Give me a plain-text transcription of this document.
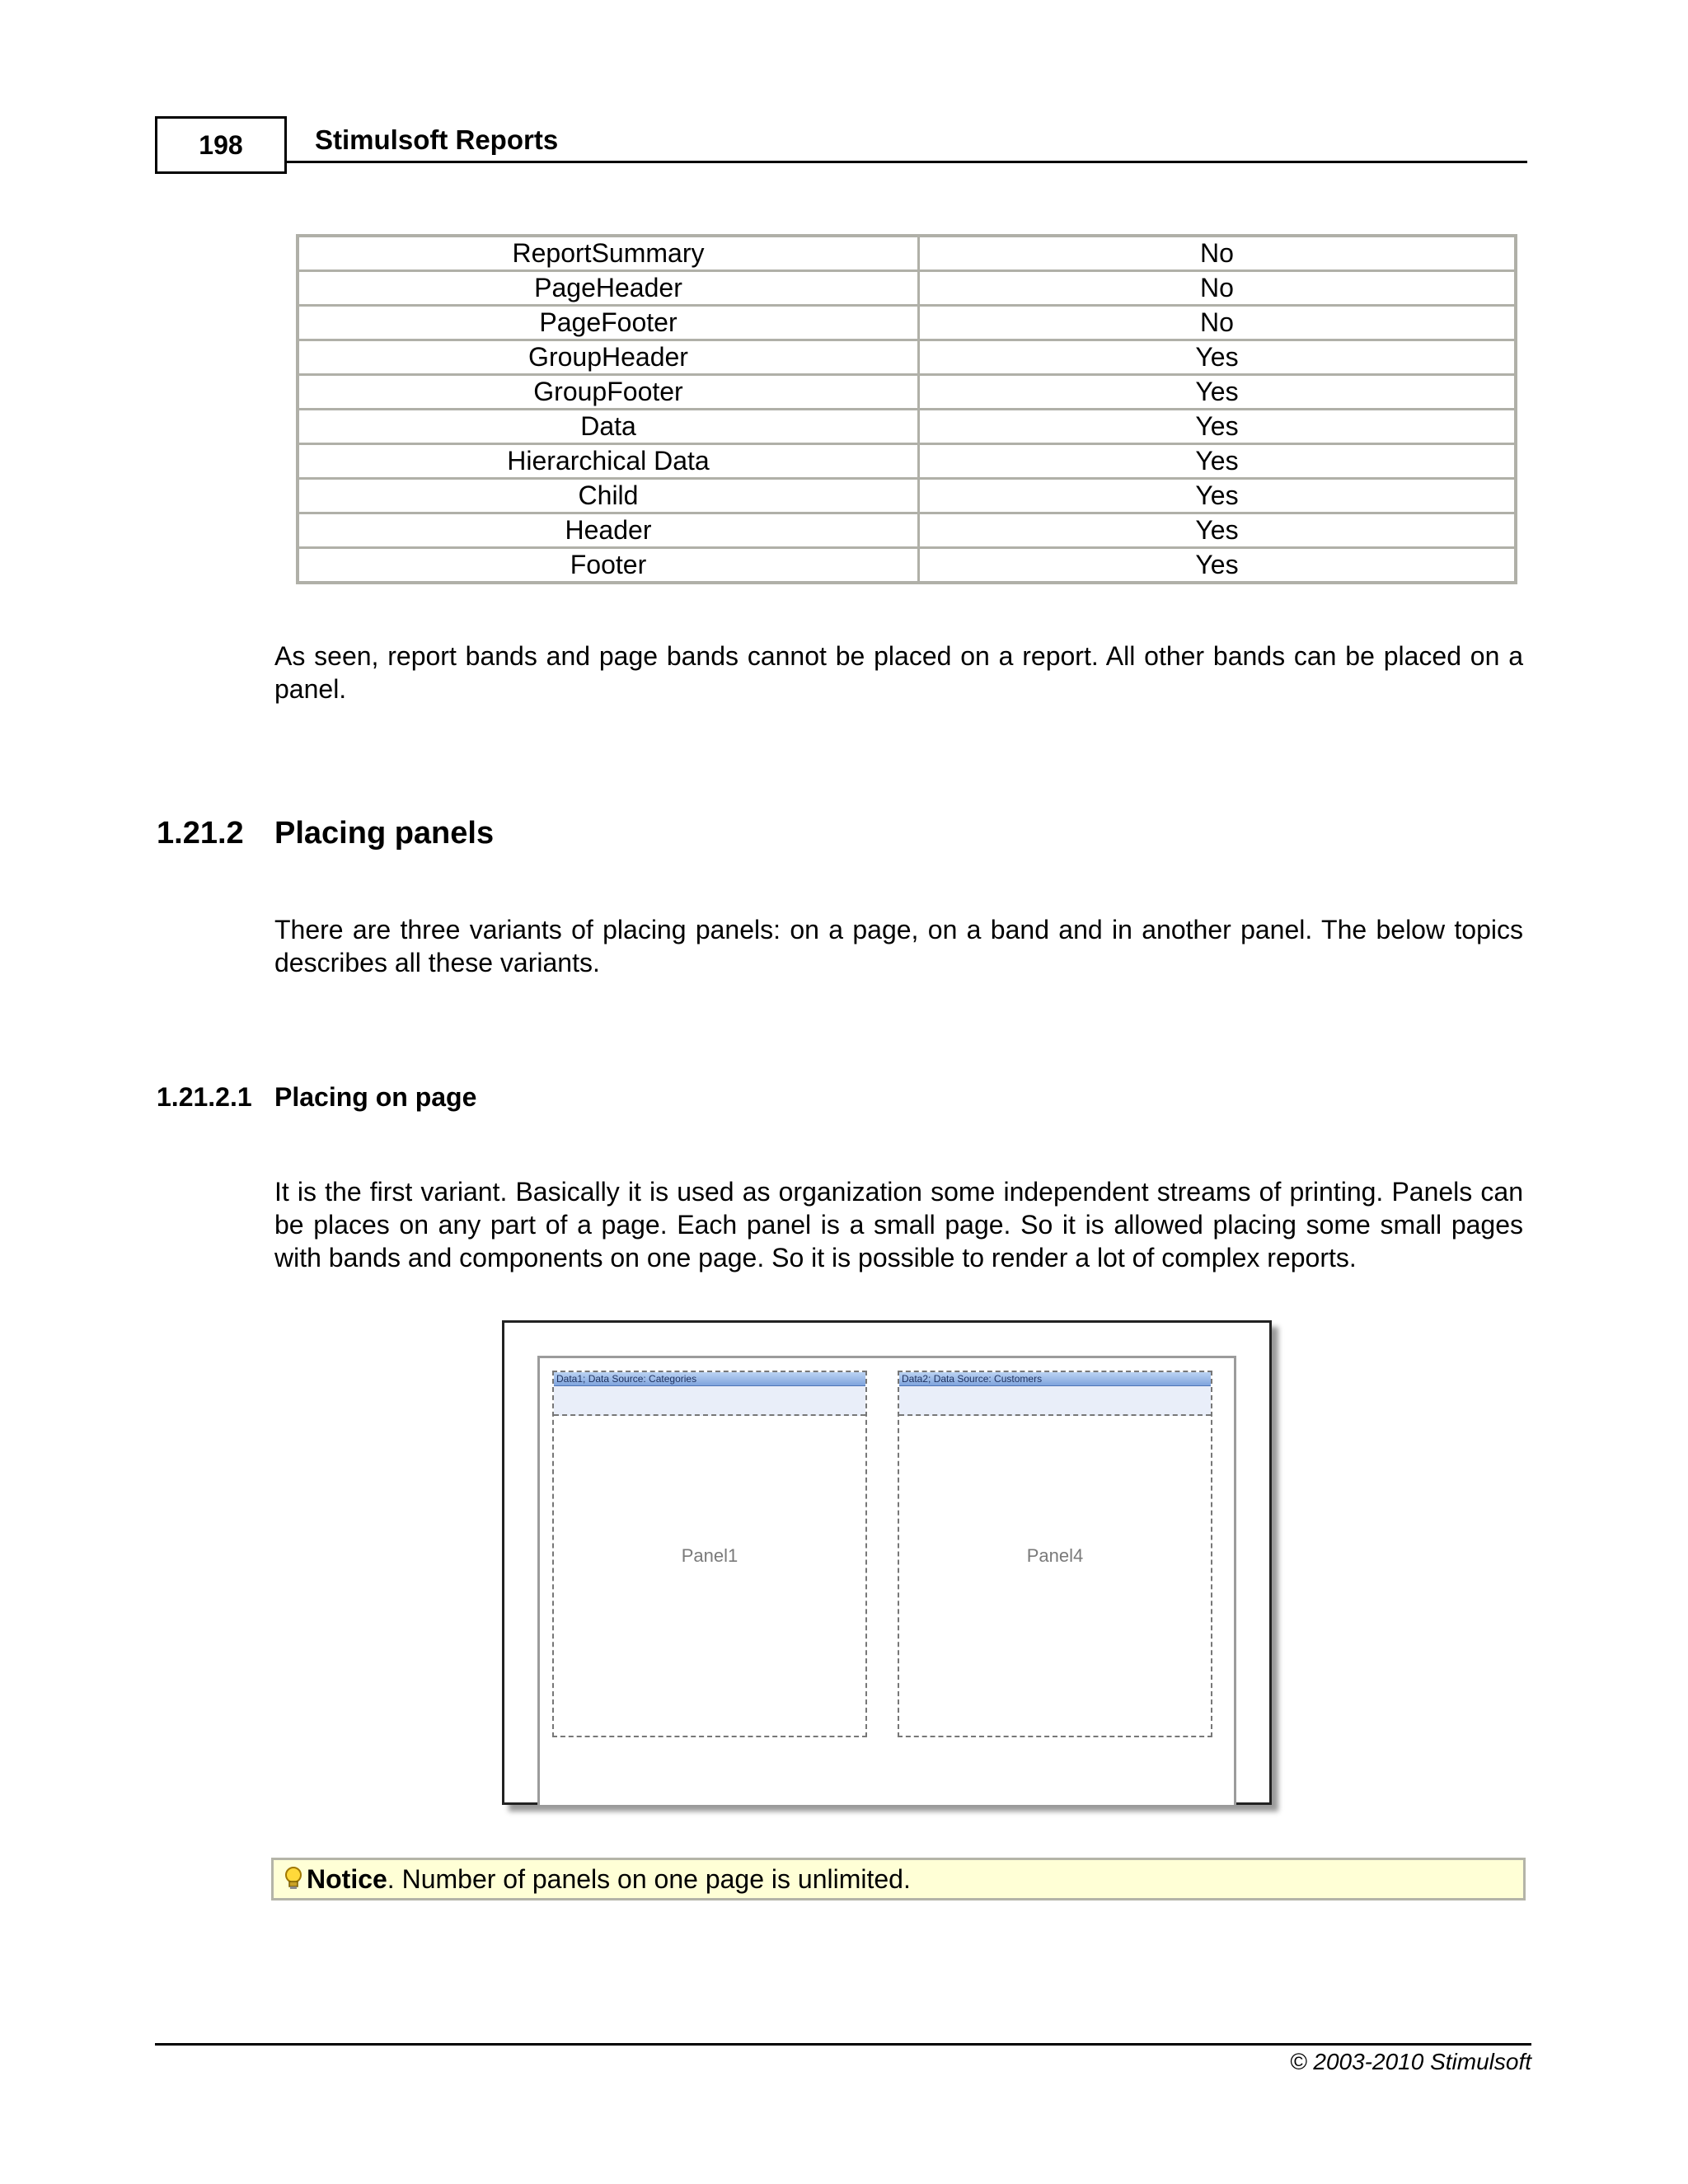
198	Stimulsoft Reports
ReportSummary	No
PageHeader	No
PageFooter	No
GroupHeader	Yes
GroupFooter	Yes
Data	Yes
Hierarchical Data	Yes
Child	Yes
Header	Yes
Footer	Yes

As seen, report bands and page bands cannot be placed on a report. All other bands can be placed on a panel.

1.21.2 Placing panels

There are three variants of placing panels: on a page, on a band and in another panel. The below topics describes all these variants.

1.21.2.1 Placing on page

It is the first variant. Basically it is used as organization some independent streams of printing. Panels can be places on any part of a page. Each panel is a small page. So it is allowed placing some small pages with bands and components on one page. So it is possible to render a lot of complex reports.

Data1; Data Source: Categories
Panel1
Data2; Data Source: Customers
Panel4
Notice. Number of panels on one page is unlimited.
© 2003-2010 Stimulsoft
